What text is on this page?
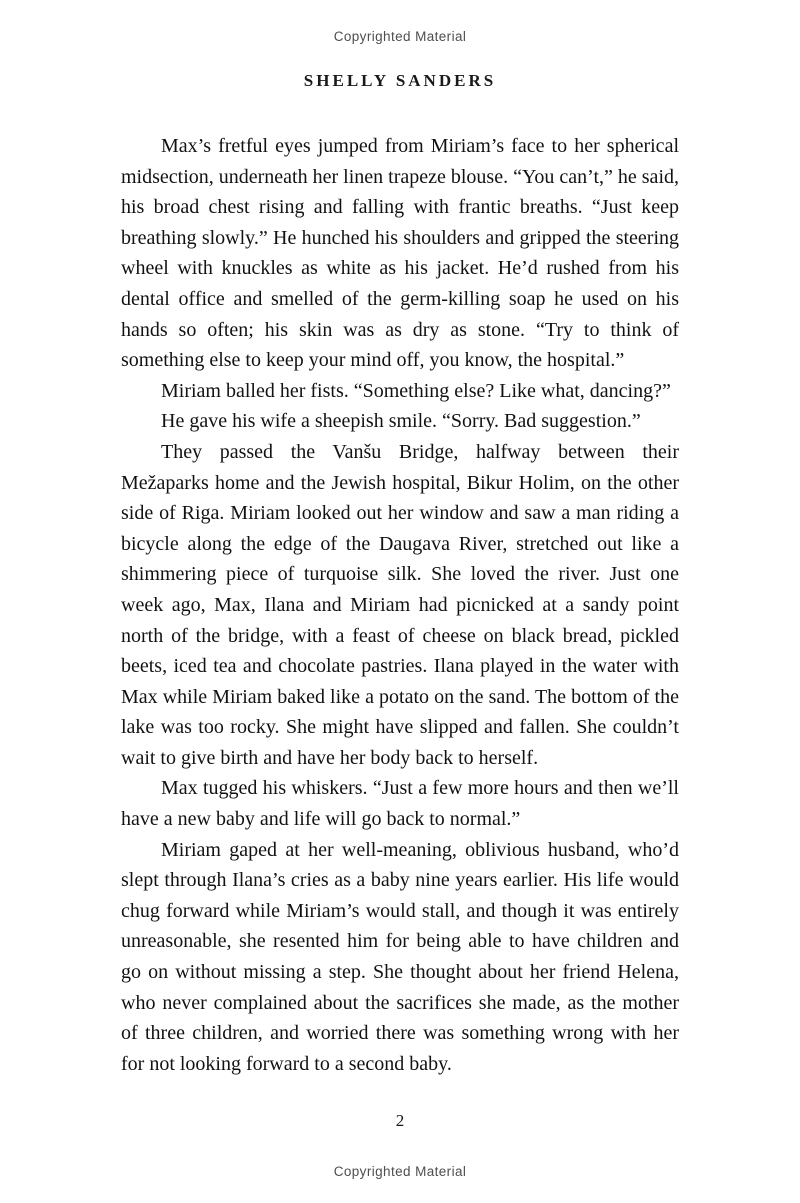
Copyrighted Material
SHELLY SANDERS

Max’s fretful eyes jumped from Miriam’s face to her spherical midsection, underneath her linen trapeze blouse. “You can’t,” he said, his broad chest rising and falling with frantic breaths. “Just keep breathing slowly.” He hunched his shoulders and gripped the steering wheel with knuckles as white as his jacket. He’d rushed from his dental office and smelled of the germ-killing soap he used on his hands so often; his skin was as dry as stone. “Try to think of something else to keep your mind off, you know, the hospital.”

Miriam balled her fists. “Something else? Like what, dancing?”

He gave his wife a sheepish smile. “Sorry. Bad suggestion.”

They passed the Vanšu Bridge, halfway between their Mežaparks home and the Jewish hospital, Bikur Holim, on the other side of Riga. Miriam looked out her window and saw a man riding a bicycle along the edge of the Daugava River, stretched out like a shimmering piece of turquoise silk. She loved the river. Just one week ago, Max, Ilana and Miriam had picnicked at a sandy point north of the bridge, with a feast of cheese on black bread, pickled beets, iced tea and chocolate pastries. Ilana played in the water with Max while Miriam baked like a potato on the sand. The bottom of the lake was too rocky. She might have slipped and fallen. She couldn’t wait to give birth and have her body back to herself.

Max tugged his whiskers. “Just a few more hours and then we’ll have a new baby and life will go back to normal.”

Miriam gaped at her well-meaning, oblivious husband, who’d slept through Ilana’s cries as a baby nine years earlier. His life would chug forward while Miriam’s would stall, and though it was entirely unreasonable, she resented him for being able to have children and go on without missing a step. She thought about her friend Helena, who never complained about the sacrifices she made, as the mother of three children, and worried there was something wrong with her for not looking forward to a second baby.

2
Copyrighted Material
